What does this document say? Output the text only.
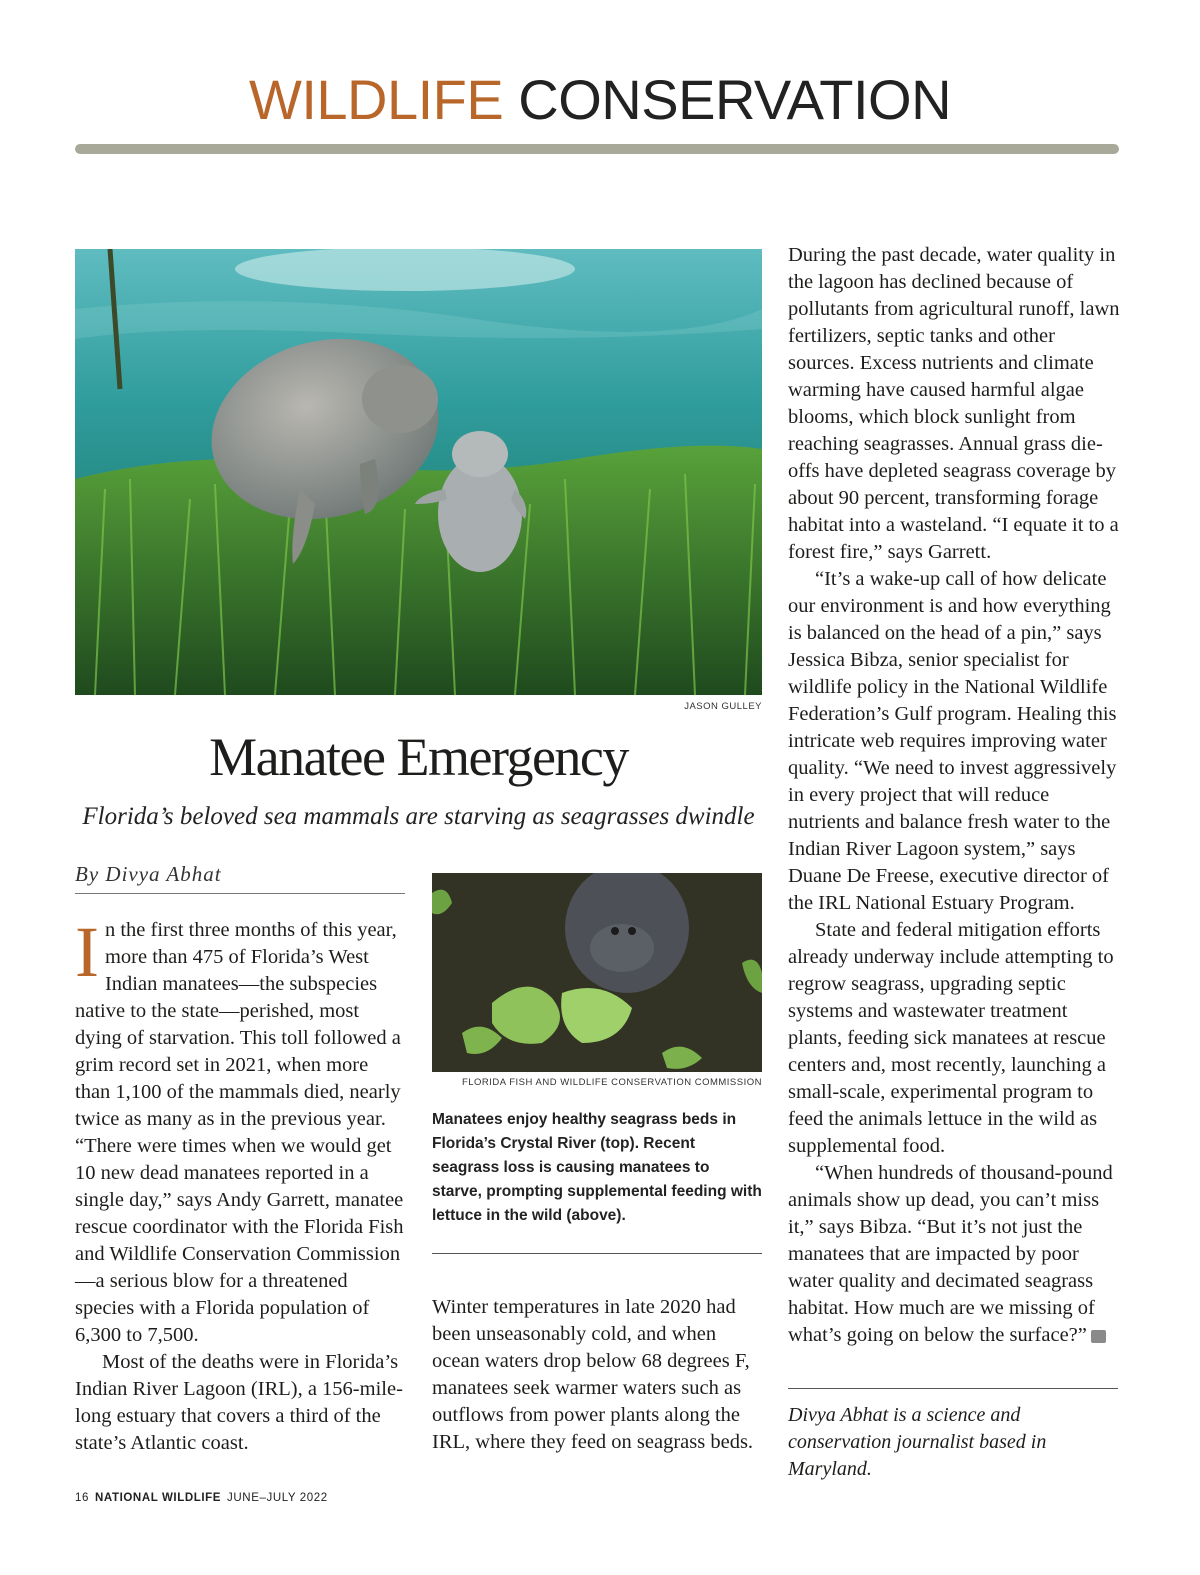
WILDLIFE CONSERVATION
JASON GULLEY
Manatee Emergency
Florida’s beloved sea mammals are starving as seagrasses dwindle
By Divya Abhat

In the first three months of this year, more than 475 of Florida’s West Indian manatees—the subspecies native to the state—perished, most dying of starvation. This toll followed a grim record set in 2021, when more than 1,100 of the mammals died, nearly twice as many as in the previous year. “There were times when we would get 10 new dead manatees reported in a single day,” says Andy Garrett, manatee rescue coordinator with the Florida Fish and Wildlife Conservation Commission—a serious blow for a threatened species with a Florida population of 6,300 to 7,500.

Most of the deaths were in Florida’s Indian River Lagoon (IRL), a 156-mile-long estuary that covers a third of the state’s Atlantic coast.

FLORIDA FISH AND WILDLIFE CONSERVATION COMMISSION
Manatees enjoy healthy seagrass beds in Florida’s Crystal River (top). Recent seagrass loss is causing manatees to starve, prompting supplemental feeding with lettuce in the wild (above).

Winter temperatures in late 2020 had been unseasonably cold, and when ocean waters drop below 68 degrees F, manatees seek warmer waters such as outflows from power plants along the IRL, where they feed on seagrass beds.

During the past decade, water quality in the lagoon has declined because of pollutants from agricultural runoff, lawn fertilizers, septic tanks and other sources. Excess nutrients and climate warming have caused harmful algae blooms, which block sunlight from reaching seagrasses. Annual grass die-offs have depleted seagrass coverage by about 90 percent, transforming forage habitat into a wasteland. “I equate it to a forest fire,” says Garrett.

“It’s a wake-up call of how delicate our environment is and how everything is balanced on the head of a pin,” says Jessica Bibza, senior specialist for wildlife policy in the National Wildlife Federation’s Gulf program. Healing this intricate web requires improving water quality. “We need to invest aggressively in every project that will reduce nutrients and balance fresh water to the Indian River Lagoon system,” says Duane De Freese, executive director of the IRL National Estuary Program.

State and federal mitigation efforts already underway include attempting to regrow seagrass, upgrading septic systems and wastewater treatment plants, feeding sick manatees at rescue centers and, most recently, launching a small-scale, experimental program to feed the animals lettuce in the wild as supplemental food.

“When hundreds of thousand-pound animals show up dead, you can’t miss it,” says Bibza. “But it’s not just the manatees that are impacted by poor water quality and decimated seagrass habitat. How much are we missing of what’s going on below the surface?”	W

Divya Abhat is a science and conservation journalist based in Maryland.
16 NATIONAL WILDLIFE JUNE–JULY 2022
